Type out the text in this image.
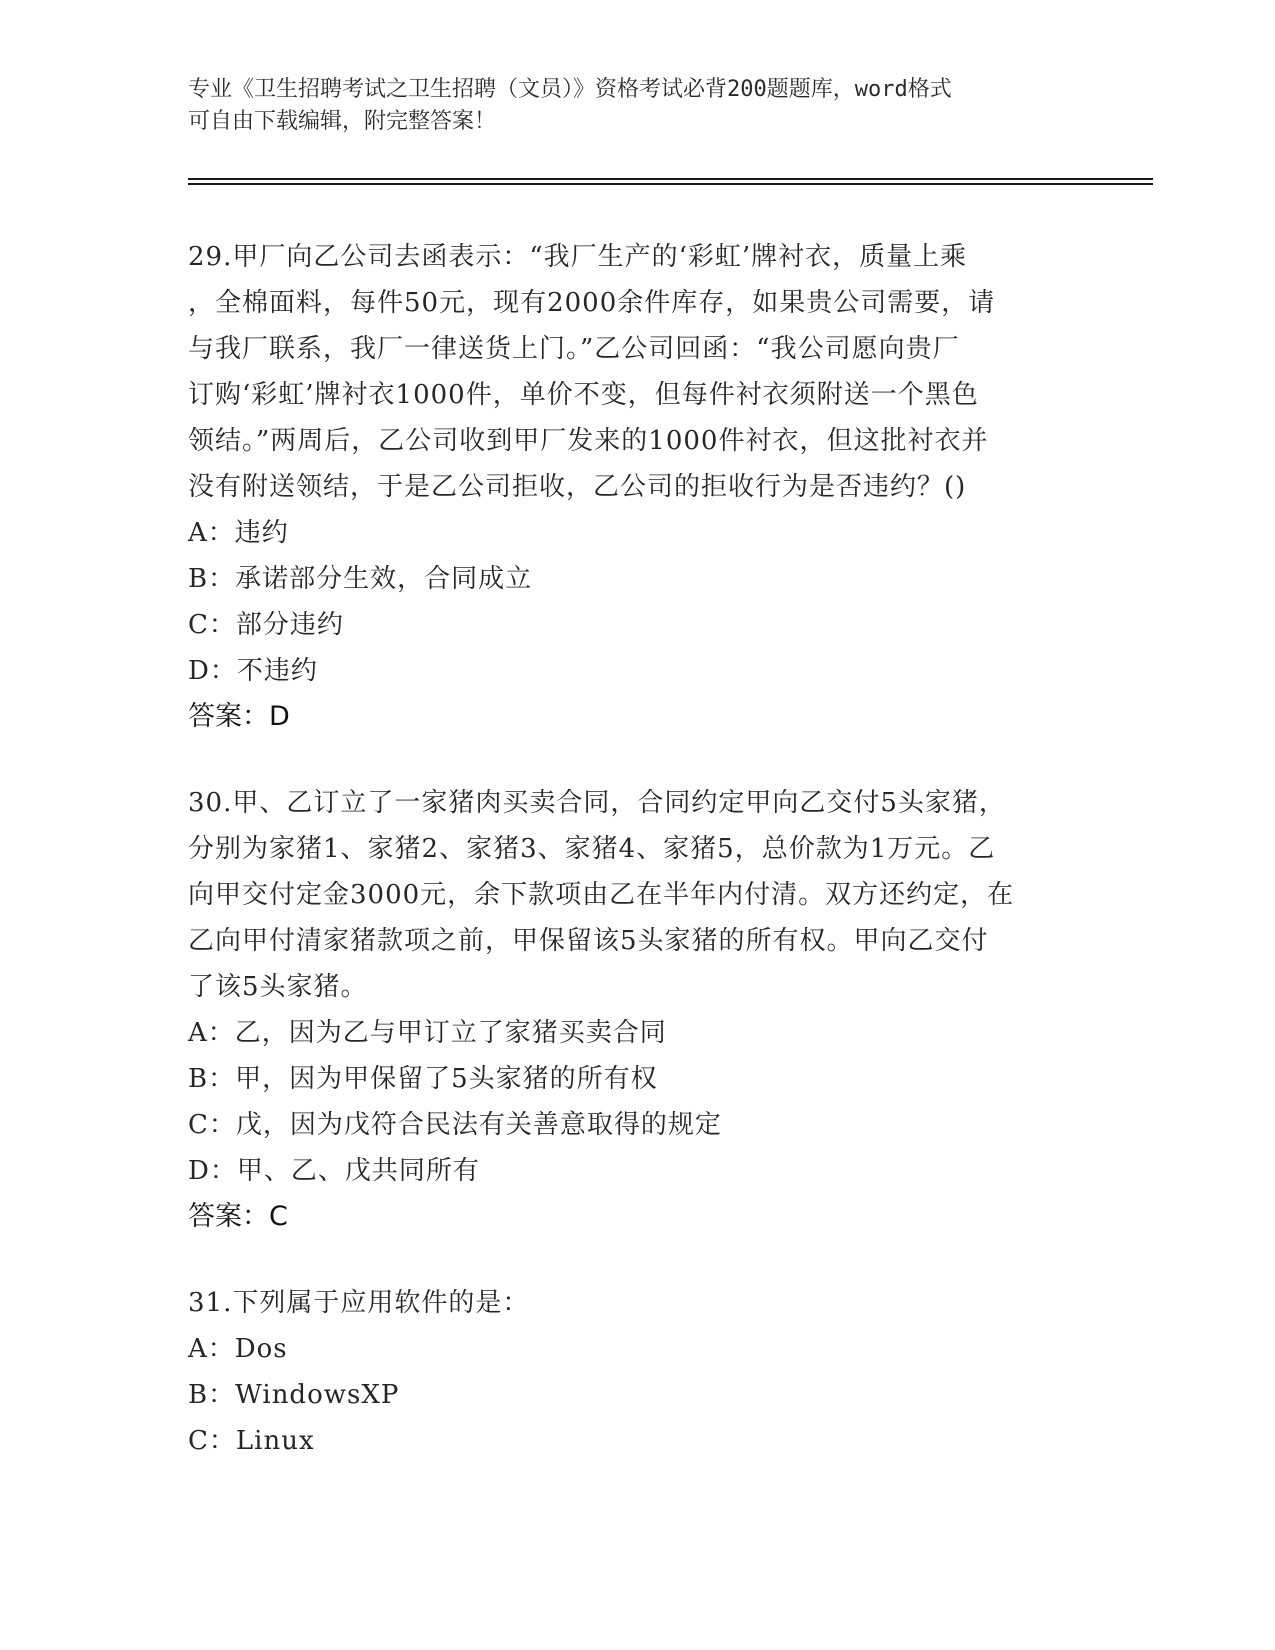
专业《卫生招聘考试之卫生招聘（文员）》资格考试必背200题题库，word格式
可自由下载编辑，附完整答案！
29.甲厂向乙公司去函表示：“我厂生产的‘彩虹’牌衬衣，质量上乘
，全棉面料，每件50元，现有2000余件库存，如果贵公司需要，请
与我厂联系，我厂一律送货上门。”乙公司回函：“我公司愿向贵厂
订购‘彩虹’牌衬衣1000件，单价不变，但每件衬衣须附送一个黑色
领结。”两周后，乙公司收到甲厂发来的1000件衬衣，但这批衬衣并
没有附送领结，于是乙公司拒收，乙公司的拒收行为是否违约？()
A：违约
B：承诺部分生效，合同成立
C：部分违约
D：不违约
答案：D
30.甲、乙订立了一家猪肉买卖合同，合同约定甲向乙交付5头家猪，
分别为家猪1、家猪2、家猪3、家猪4、家猪5，总价款为1万元。乙
向甲交付定金3000元，余下款项由乙在半年内付清。双方还约定，在
乙向甲付清家猪款项之前，甲保留该5头家猪的所有权。甲向乙交付
了该5头家猪。
A：乙，因为乙与甲订立了家猪买卖合同
B：甲，因为甲保留了5头家猪的所有权
C：戊，因为戊符合民法有关善意取得的规定
D：甲、乙、戊共同所有
答案：C
31.下列属于应用软件的是：
A：Dos
B：WindowsXP
C：Linux
